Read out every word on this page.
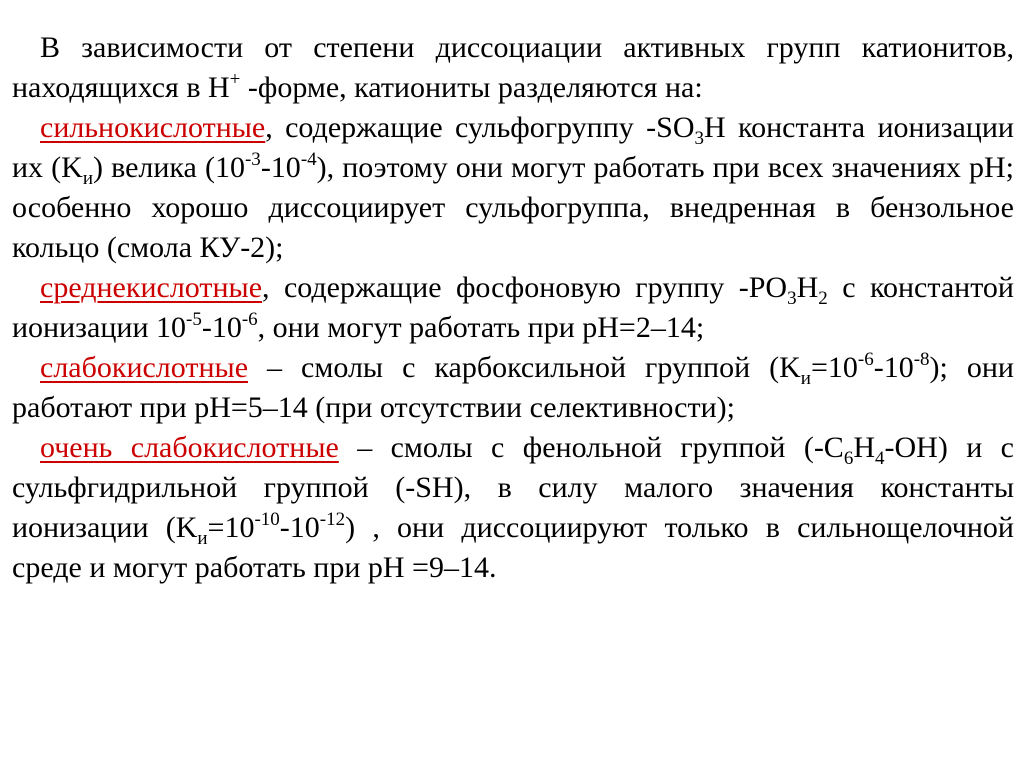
В зависимости от степени диссоциации активных групп катионитов, находящихся в Н+ -форме, катиониты разделяются на:

сильнокислотные, содержащие сульфогруппу $-SO_3H$ константа ионизации их $(K_и)$ велика $(10^{-3}-10^{-4})$, поэтому они могут работать при всех значениях pH; особенно хорошо диссоциирует сульфогруппа, внедренная в бензольное кольцо (смола КУ-2);

среднекислотные, содержащие фосфоновую группу $-PO_3H_2$ с константой ионизации $10^{-5}-10^{-6}$, они могут работать при pH=2–14;

слабокислотные – смолы с карбоксильной группой $(K_и=10^{-6}-10^{-8})$; они работают при pH=5–14 (при отсутствии селективности);

очень слабокислотные – смолы с фенольной группой $(-C_6H_4-OH)$ и с сульфгидрильной группой (-SH), в силу малого значения константы ионизации $(K_и=10^{-10}-10^{-12})$ , они диссоциируют только в сильнощелочной среде и могут работать при pH =9–14.
